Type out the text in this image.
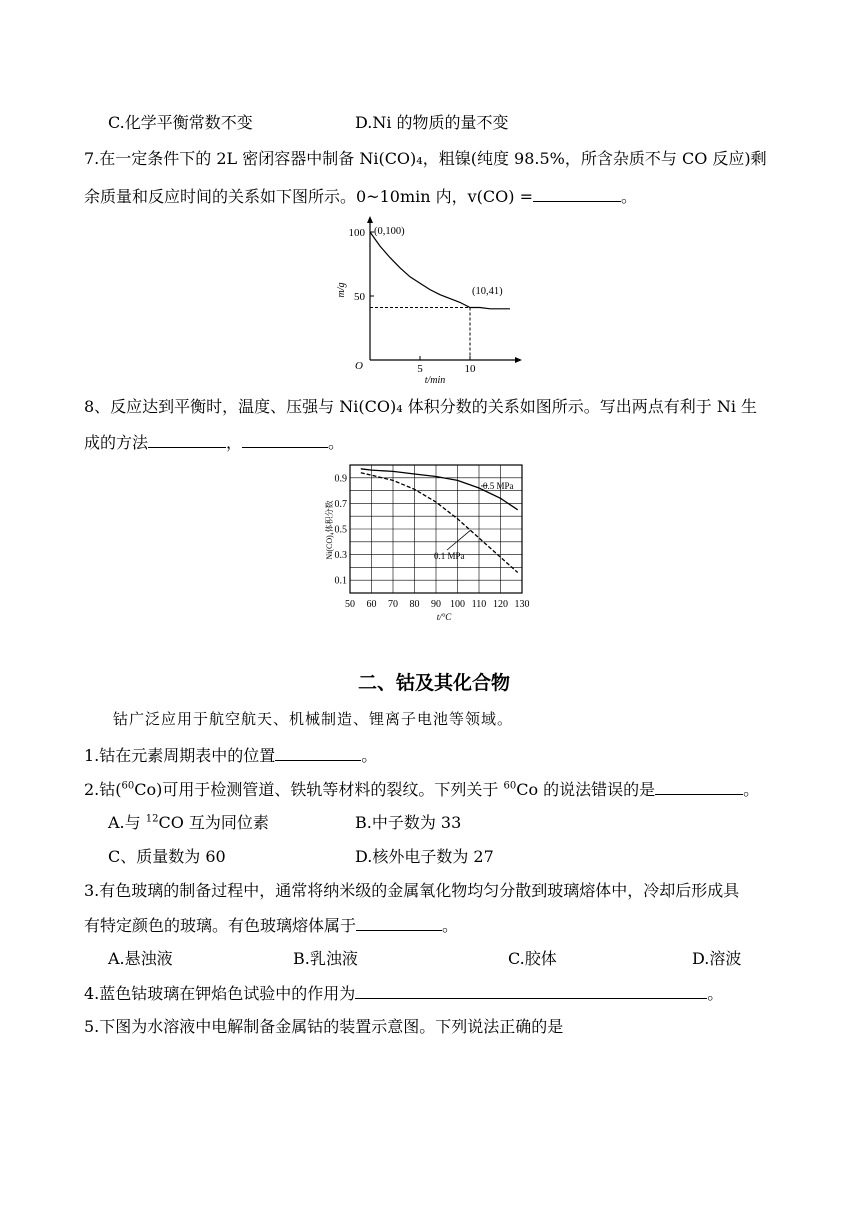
C.化学平衡常数不变	D.Ni 的物质的量不变
7.在一定条件下的 2L 密闭容器中制备 Ni(CO)₄，粗镍(纯度 98.5%，所含杂质不与 CO 反应)剩
余质量和反应时间的关系如下图所示。0~10min 内，v(CO) =	。
5	10
100
50
O
t/min
m/g
(0,100)
(10,41)
8、反应达到平衡时，温度、压强与 Ni(CO)₄ 体积分数的关系如图所示。写出两点有利于 Ni 生
成的方法	，	。
50 60 70 80 90 100 110 120 130
0.9
0.7
0.5
0.3
0.1
t/°C
Ni(CO)₄体积分数
0.5 MPa
0.1 MPa
二、钴及其化合物
钴广泛应用于航空航天、机械制造、锂离子电池等领域。
1.钴在元素周期表中的位置	。
2.钴($^{60}$Co)可用于检测管道、铁轨等材料的裂纹。下列关于 $^{60}$Co 的说法错误的是	。
A.与 $^{12}$CO 互为同位素	B.中子数为 33
C、质量数为 60	D.核外电子数为 27
3.有色玻璃的制备过程中，通常将纳米级的金属氧化物均匀分散到玻璃熔体中，冷却后形成具
有特定颜色的玻璃。有色玻璃熔体属于	。
A.悬浊液	B.乳浊液	C.胶体	D.溶波
4.蓝色钴玻璃在钾焰色试验中的作用为	。
5.下图为水溶液中电解制备金属钴的装置示意图。下列说法正确的是
